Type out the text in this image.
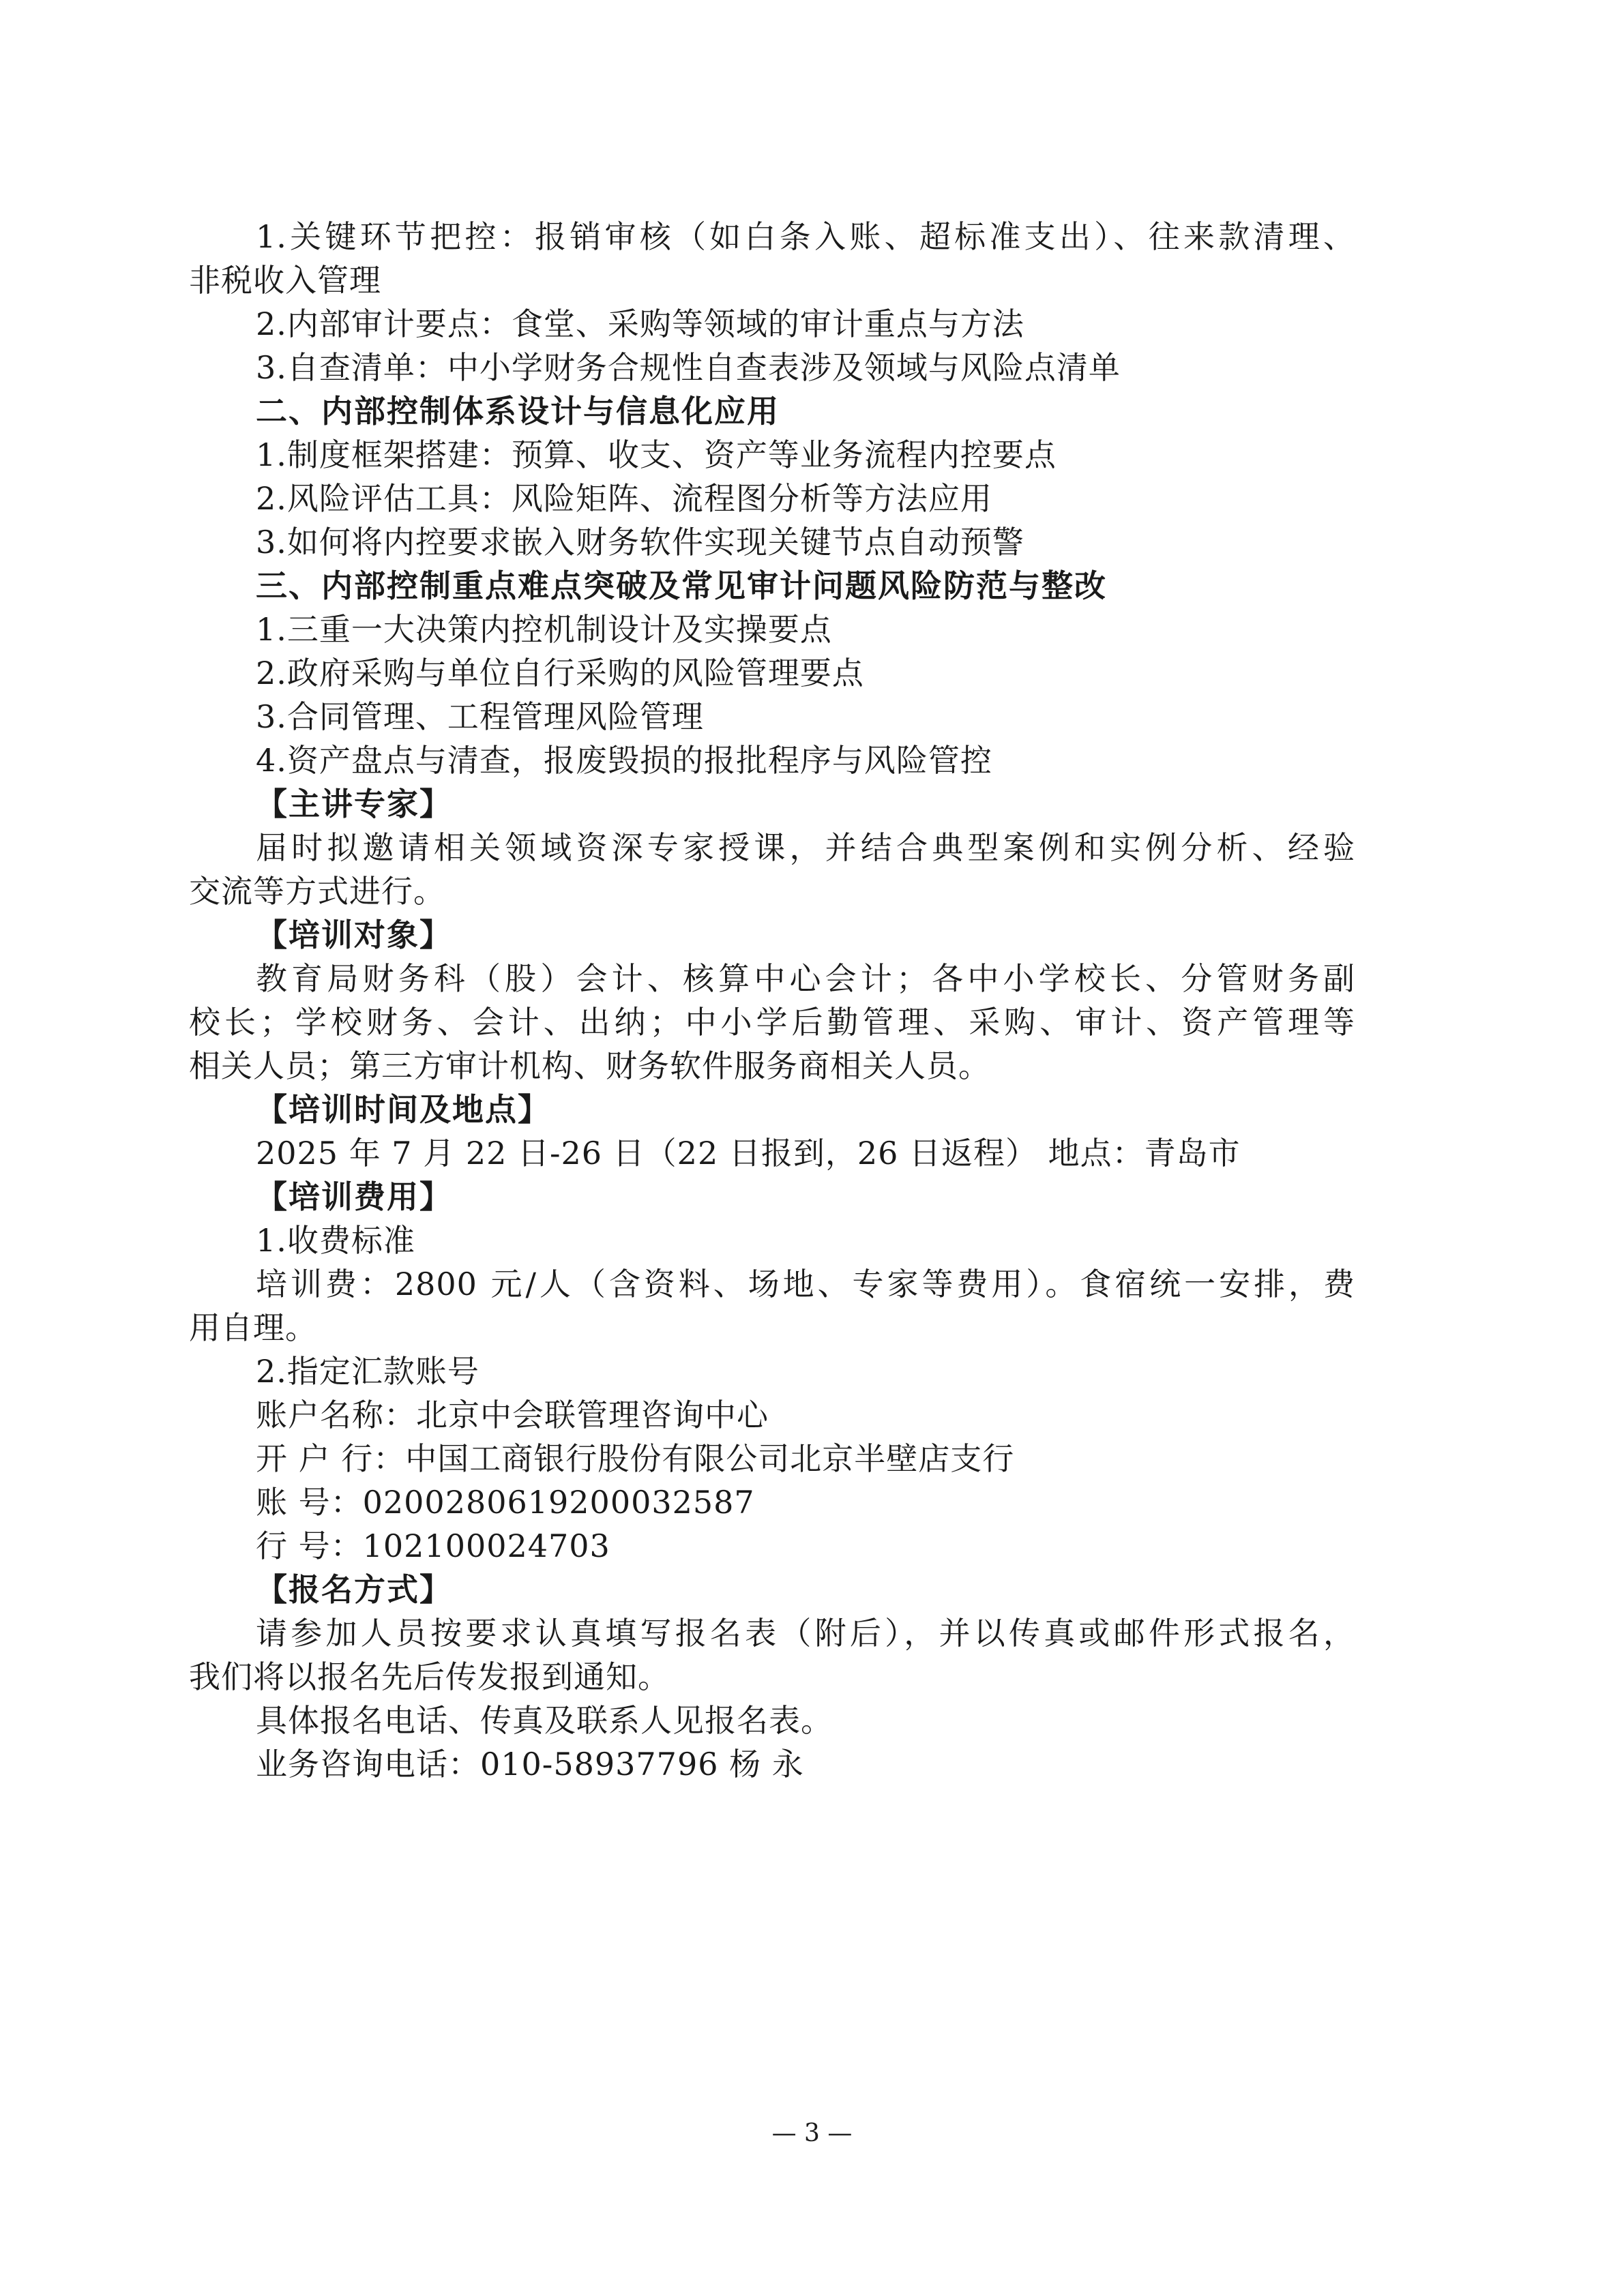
1.关键环节把控：报销审核（如白条入账、超标准支出）、往来款清理、
非税收入管理
2.内部审计要点：食堂、采购等领域的审计重点与方法
3.自查清单：中小学财务合规性自查表涉及领域与风险点清单
二、内部控制体系设计与信息化应用
1.制度框架搭建：预算、收支、资产等业务流程内控要点
2.风险评估工具：风险矩阵、流程图分析等方法应用
3.如何将内控要求嵌入财务软件实现关键节点自动预警
三、内部控制重点难点突破及常见审计问题风险防范与整改
1.三重一大决策内控机制设计及实操要点
2.政府采购与单位自行采购的风险管理要点
3.合同管理、工程管理风险管理
4.资产盘点与清查，报废毁损的报批程序与风险管控
【主讲专家】
届时拟邀请相关领域资深专家授课，并结合典型案例和实例分析、经验
交流等方式进行。
【培训对象】
教育局财务科（股）会计、核算中心会计；各中小学校长、分管财务副
校长；学校财务、会计、出纳；中小学后勤管理、采购、审计、资产管理等
相关人员；第三方审计机构、财务软件服务商相关人员。
【培训时间及地点】
2025 年 7 月 22 日-26 日（22 日报到，26 日返程） 地点：青岛市
【培训费用】
1.收费标准
培训费：2800 元/人（含资料、场地、专家等费用）。食宿统一安排，费
用自理。
2.指定汇款账号
账户名称：北京中会联管理咨询中心
开 户 行：中国工商银行股份有限公司北京半壁店支行
账 号：0200280619200032587
行 号：102100024703
【报名方式】
请参加人员按要求认真填写报名表（附后），并以传真或邮件形式报名，
我们将以报名先后传发报到通知。
具体报名电话、传真及联系人见报名表。
业务咨询电话：010-58937796 杨 永
— 3 —
